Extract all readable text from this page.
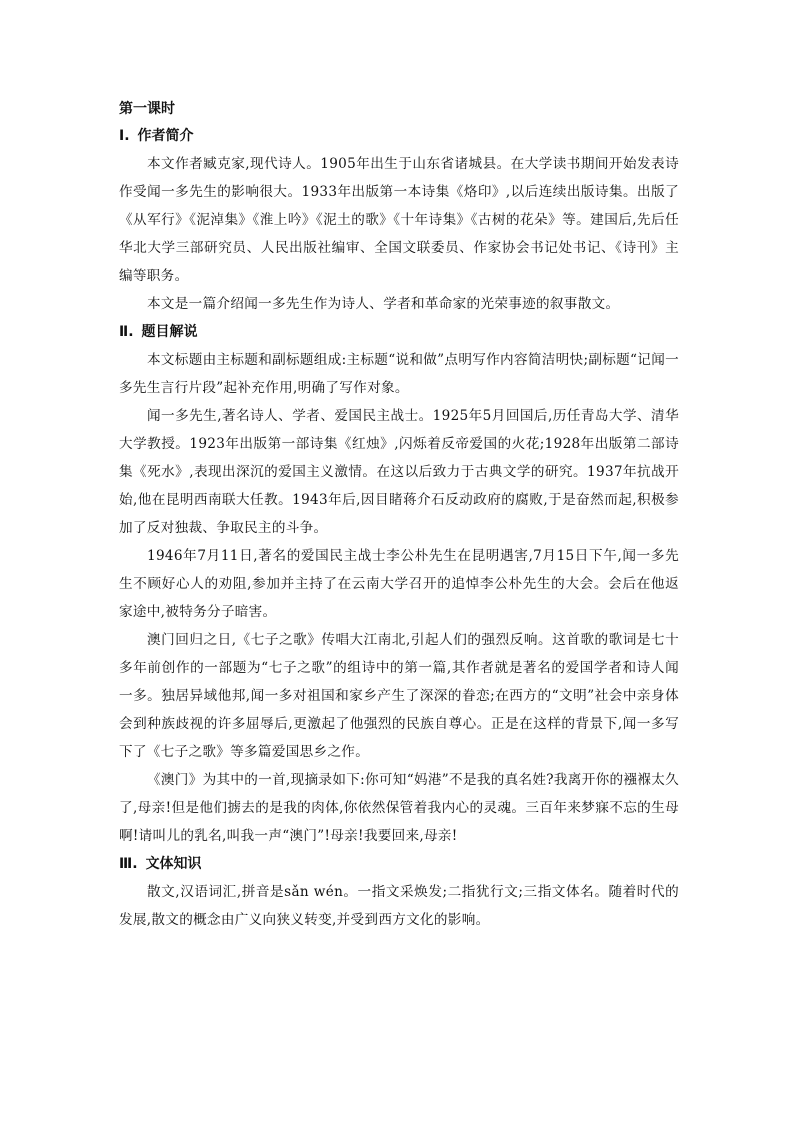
第一课时
Ⅰ. 作者简介

本文作者臧克家,现代诗人。1905年出生于山东省诸城县。在大学读书期间开始发表诗作受闻一多先生的影响很大。1933年出版第一本诗集《烙印》,以后连续出版诗集。出版了《从军行》《泥淖集》《淮上吟》《泥土的歌》《十年诗集》《古树的花朵》等。建国后,先后任华北大学三部研究员、人民出版社编审、全国文联委员、作家协会书记处书记、《诗刊》主编等职务。

本文是一篇介绍闻一多先生作为诗人、学者和革命家的光荣事迹的叙事散文。

Ⅱ. 题目解说

本文标题由主标题和副标题组成:主标题“说和做”点明写作内容简洁明快;副标题“记闻一多先生言行片段”起补充作用,明确了写作对象。

闻一多先生,著名诗人、学者、爱国民主战士。1925年5月回国后,历任青岛大学、清华大学教授。1923年出版第一部诗集《红烛》,闪烁着反帝爱国的火花;1928年出版第二部诗集《死水》,表现出深沉的爱国主义激情。在这以后致力于古典文学的研究。1937年抗战开始,他在昆明西南联大任教。1943年后,因目睹蒋介石反动政府的腐败,于是奋然而起,积极参加了反对独裁、争取民主的斗争。

1946年7月11日,著名的爱国民主战士李公朴先生在昆明遇害,7月15日下午,闻一多先生不顾好心人的劝阻,参加并主持了在云南大学召开的追悼李公朴先生的大会。会后在他返家途中,被特务分子暗害。

澳门回归之日,《七子之歌》传唱大江南北,引起人们的强烈反响。这首歌的歌词是七十多年前创作的一部题为“七子之歌”的组诗中的第一篇,其作者就是著名的爱国学者和诗人闻一多。独居异域他邦,闻一多对祖国和家乡产生了深深的眷恋;在西方的“文明”社会中亲身体会到种族歧视的许多屈辱后,更激起了他强烈的民族自尊心。正是在这样的背景下,闻一多写下了《七子之歌》等多篇爱国思乡之作。

《澳门》为其中的一首,现摘录如下:你可知“妈港”不是我的真名姓?我离开你的襁褓太久了,母亲!但是他们掳去的是我的肉体,你依然保管着我内心的灵魂。三百年来梦寐不忘的生母啊!请叫儿的乳名,叫我一声“澳门”!母亲!我要回来,母亲!

Ⅲ. 文体知识

散文,汉语词汇,拼音是sǎn wén。一指文采焕发;二指犹行文;三指文体名。随着时代的发展,散文的概念由广义向狭义转变,并受到西方文化的影响。
